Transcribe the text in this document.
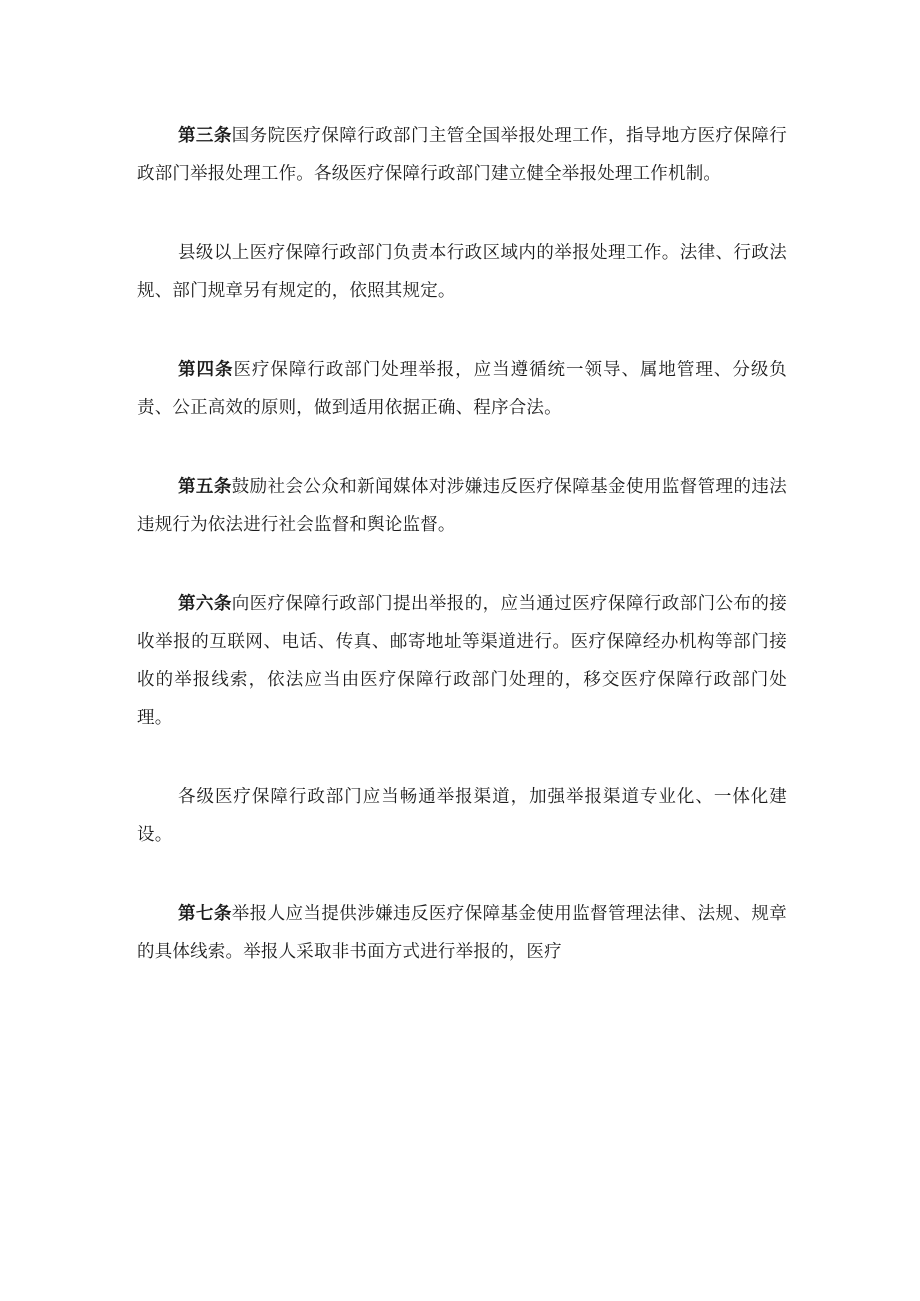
第三条国务院医疗保障行政部门主管全国举报处理工作，指导地方医疗保障行政部门举报处理工作。各级医疗保障行政部门建立健全举报处理工作机制。

县级以上医疗保障行政部门负责本行政区域内的举报处理工作。法律、行政法规、部门规章另有规定的，依照其规定。

第四条医疗保障行政部门处理举报，应当遵循统一领导、属地管理、分级负责、公正高效的原则，做到适用依据正确、程序合法。

第五条鼓励社会公众和新闻媒体对涉嫌违反医疗保障基金使用监督管理的违法违规行为依法进行社会监督和舆论监督。

第六条向医疗保障行政部门提出举报的，应当通过医疗保障行政部门公布的接收举报的互联网、电话、传真、邮寄地址等渠道进行。医疗保障经办机构等部门接收的举报线索，依法应当由医疗保障行政部门处理的，移交医疗保障行政部门处理。

各级医疗保障行政部门应当畅通举报渠道，加强举报渠道专业化、一体化建设。

第七条举报人应当提供涉嫌违反医疗保障基金使用监督管理法律、法规、规章的具体线索。举报人采取非书面方式进行举报的，医疗
